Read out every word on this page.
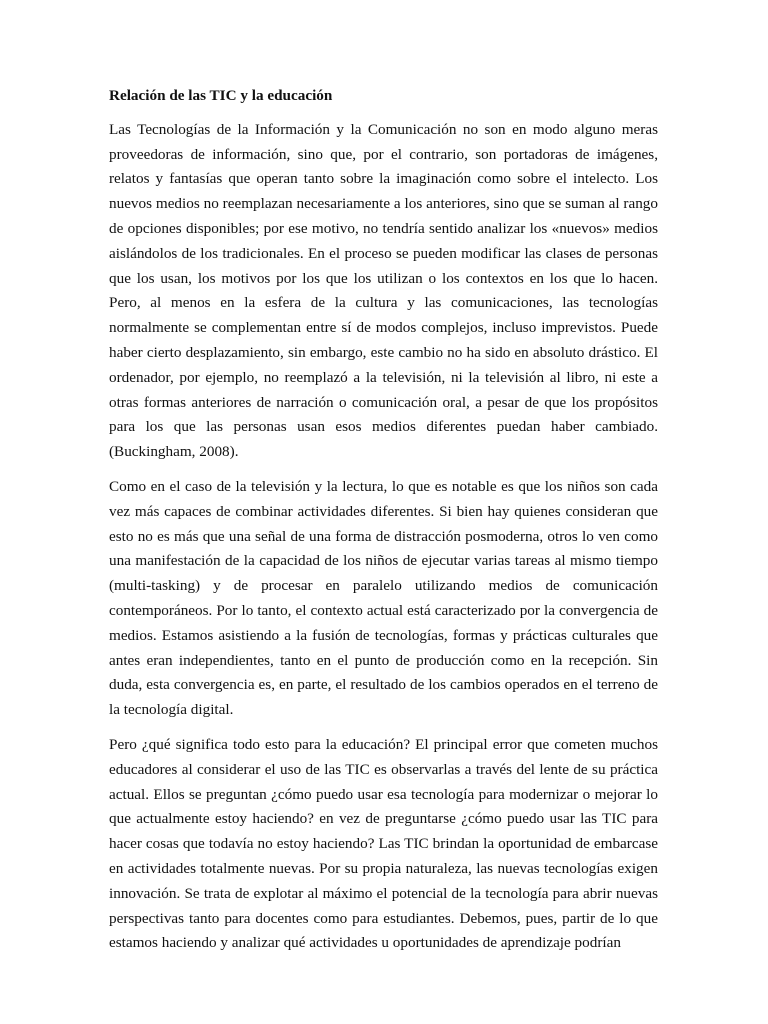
Relación de las TIC y la educación

Las Tecnologías de la Información y la Comunicación no son en modo alguno meras proveedoras de información, sino que, por el contrario, son portadoras de imágenes, relatos y fantasías que operan tanto sobre la imaginación como sobre el intelecto. Los nuevos medios no reemplazan necesariamente a los anteriores, sino que se suman al rango de opciones disponibles; por ese motivo, no tendría sentido analizar los «nuevos» medios aislándolos de los tradicionales. En el proceso se pueden modificar las clases de personas que los usan, los motivos por los que los utilizan o los contextos en los que lo hacen. Pero, al menos en la esfera de la cultura y las comunicaciones, las tecnologías normalmente se complementan entre sí de modos complejos, incluso imprevistos. Puede haber cierto desplazamiento, sin embargo, este cambio no ha sido en absoluto drástico. El ordenador, por ejemplo, no reemplazó a la televisión, ni la televisión al libro, ni este a otras formas anteriores de narración o comunicación oral, a pesar de que los propósitos para los que las personas usan esos medios diferentes puedan haber cambiado. (Buckingham, 2008).

Como en el caso de la televisión y la lectura, lo que es notable es que los niños son cada vez más capaces de combinar actividades diferentes. Si bien hay quienes consideran que esto no es más que una señal de una forma de distracción posmoderna, otros lo ven como una manifestación de la capacidad de los niños de ejecutar varias tareas al mismo tiempo (multi-tasking) y de procesar en paralelo utilizando medios de comunicación contemporáneos. Por lo tanto, el contexto actual está caracterizado por la convergencia de medios. Estamos asistiendo a la fusión de tecnologías, formas y prácticas culturales que antes eran independientes, tanto en el punto de producción como en la recepción. Sin duda, esta convergencia es, en parte, el resultado de los cambios operados en el terreno de la tecnología digital.

Pero ¿qué significa todo esto para la educación? El principal error que cometen muchos educadores al considerar el uso de las TIC es observarlas a través del lente de su práctica actual. Ellos se preguntan ¿cómo puedo usar esa tecnología para modernizar o mejorar lo que actualmente estoy haciendo? en vez de preguntarse ¿cómo puedo usar las TIC para hacer cosas que todavía no estoy haciendo? Las TIC brindan la oportunidad de embarcase en actividades totalmente nuevas. Por su propia naturaleza, las nuevas tecnologías exigen innovación. Se trata de explotar al máximo el potencial de la tecnología para abrir nuevas perspectivas tanto para docentes como para estudiantes. Debemos, pues, partir de lo que estamos haciendo y analizar qué actividades u oportunidades de aprendizaje podrían
